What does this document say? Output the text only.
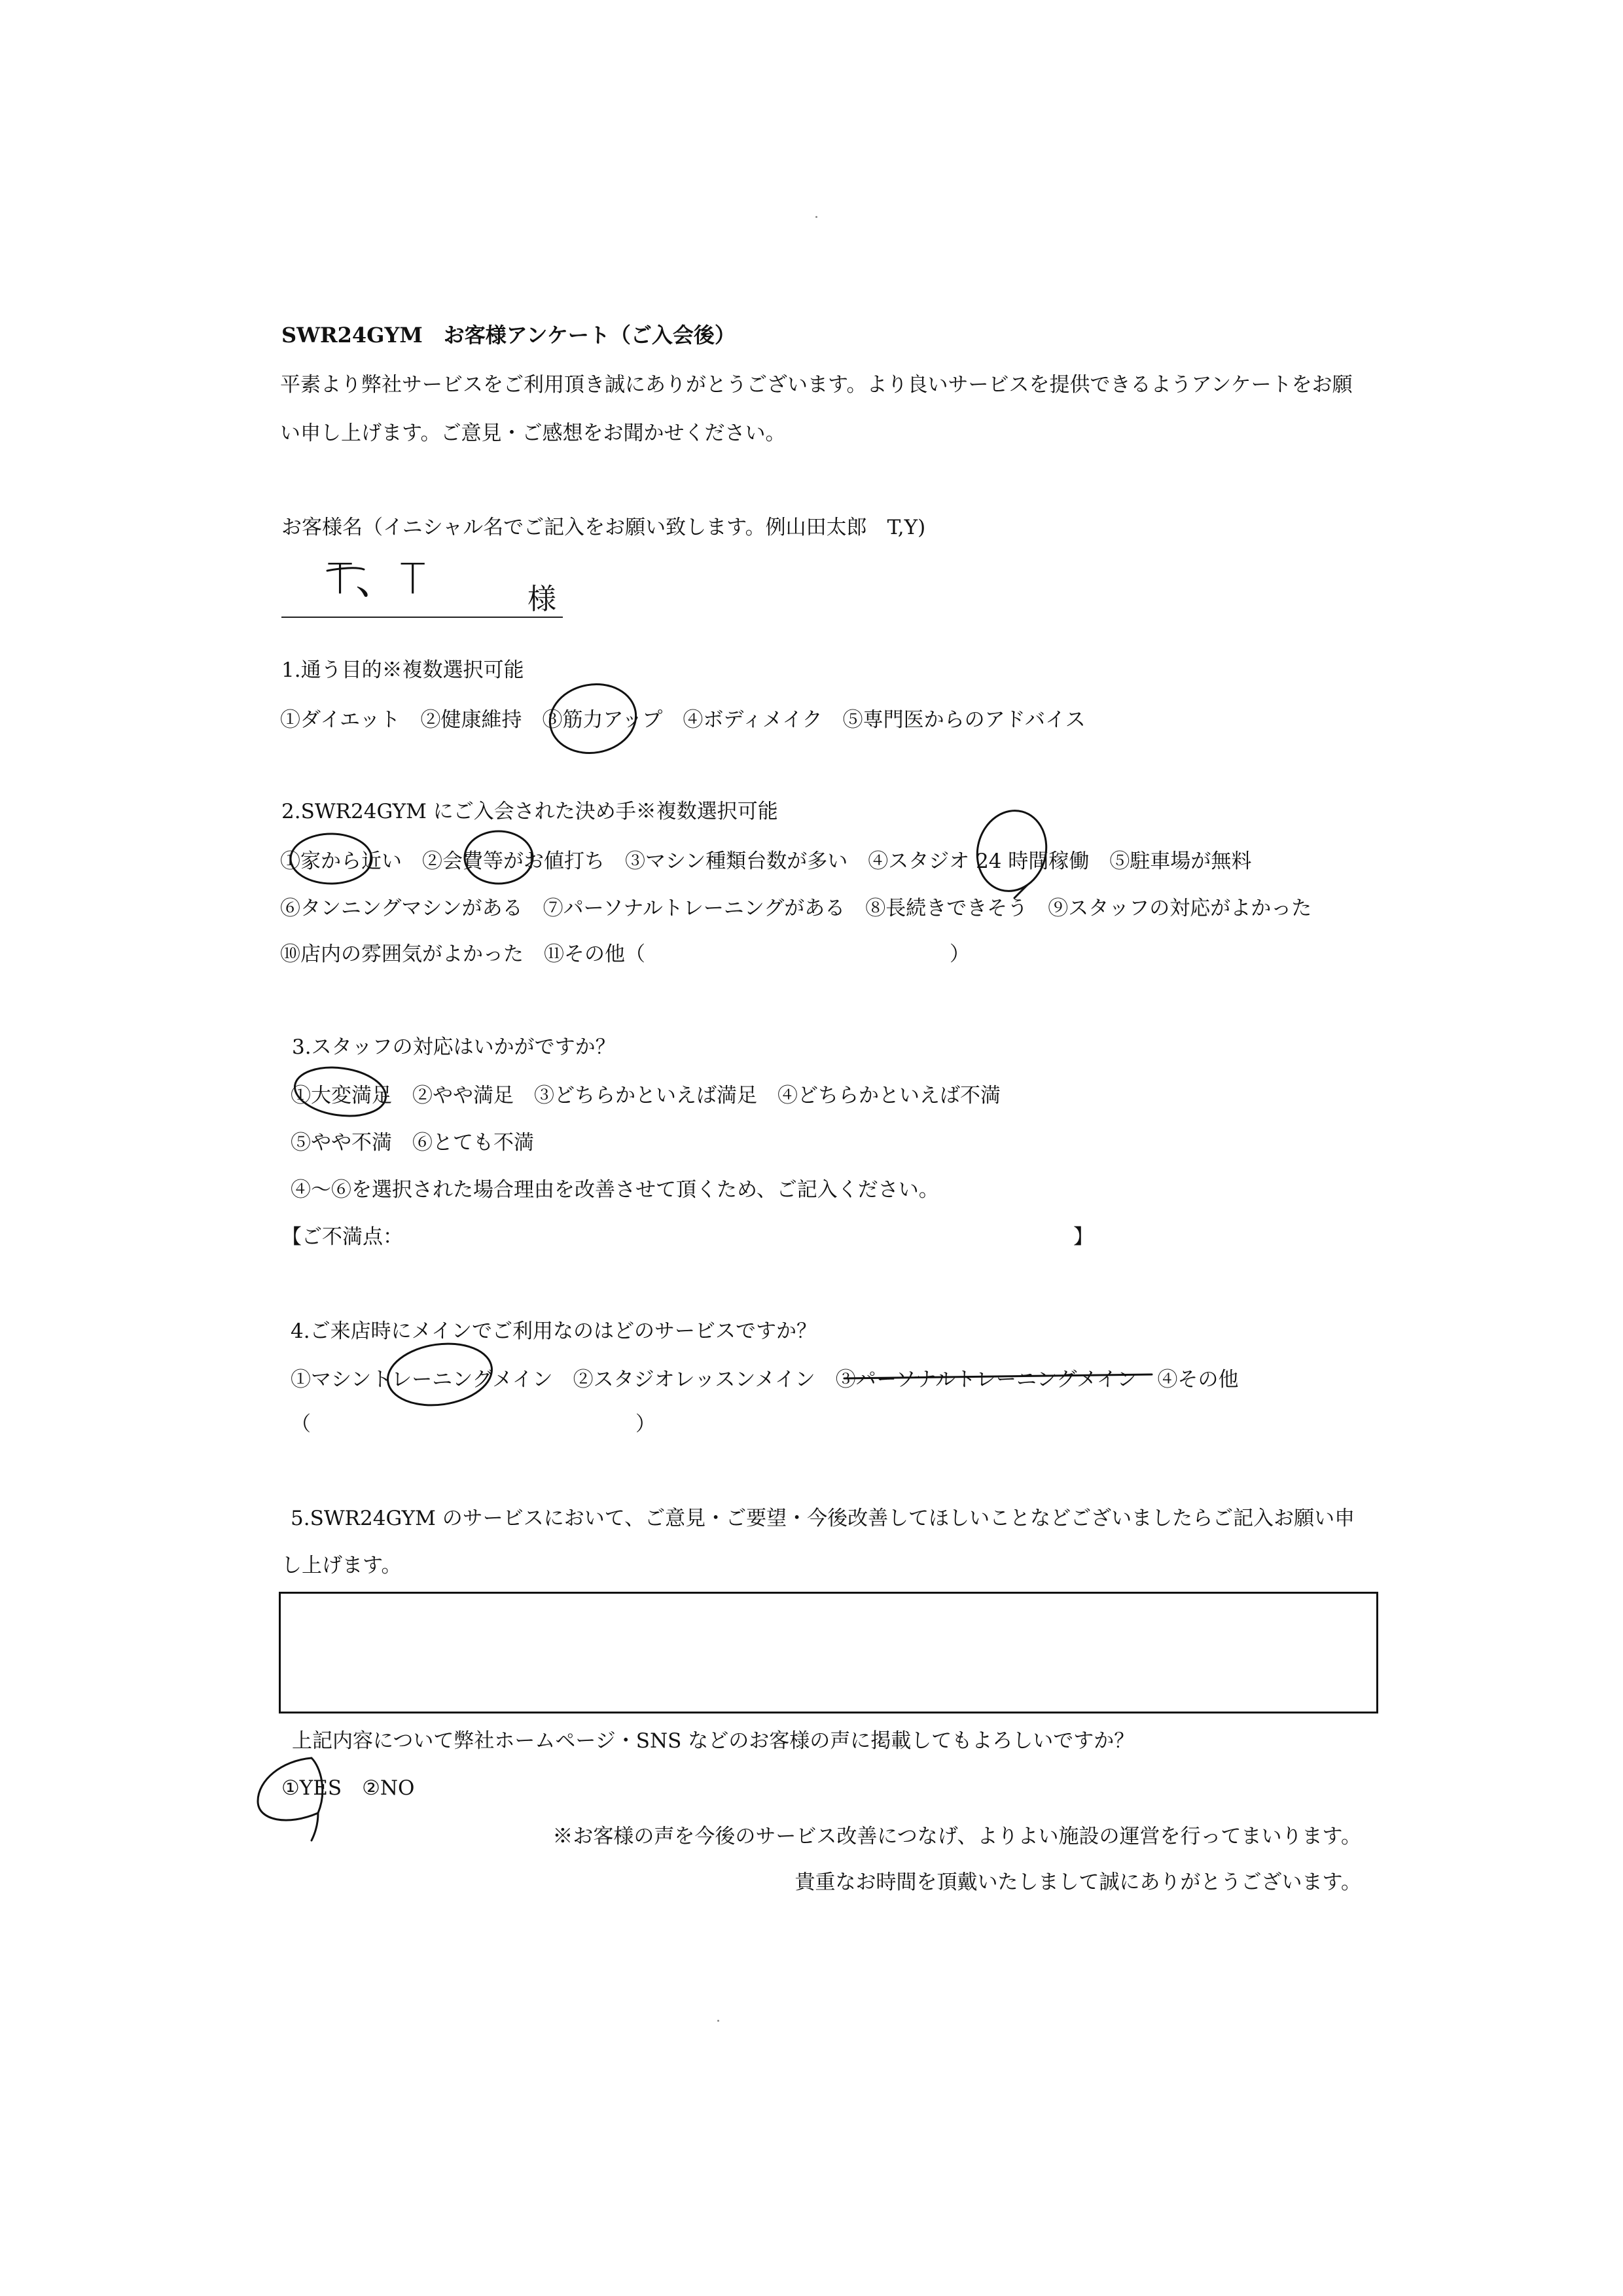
SWR24GYM　お客様アンケート（ご入会後）
平素より弊社サービスをご利用頂き誠にありがとうございます。より良いサービスを提供できるようアンケートをお願
い申し上げます。ご意見・ご感想をお聞かせください。
お客様名（イニシャル名でご記入をお願い致します。例山田太郎　T,Y)
T、T	様
1.通う目的※複数選択可能
①ダイエット　②健康維持　③筋力アップ　④ボディメイク　⑤専門医からのアドバイス
2.SWR24GYM にご入会された決め手※複数選択可能
①家から近い　②会費等がお値打ち　③マシン種類台数が多い　④スタジオ 24 時間稼働　⑤駐車場が無料
⑥タンニングマシンがある　⑦パーソナルトレーニングがある　⑧長続きできそう　⑨スタッフの対応がよかった
⑩店内の雰囲気がよかった　⑪その他（　　　　　　　　　　　　　　　）
3.スタッフの対応はいかがですか？
①大変満足　②やや満足　③どちらかといえば満足　④どちらかといえば不満
⑤やや不満　⑥とても不満
④〜⑥を選択された場合理由を改善させて頂くため、ご記入ください。
【ご不満点：	】
4.ご来店時にメインでご利用なのはどのサービスですか？
①マシントレーニングメイン　②スタジオレッスンメイン　③パーソナルトレーニングメイン　④その他
（　　　　　　　　　　　　　　　　）
5.SWR24GYM のサービスにおいて、ご意見・ご要望・今後改善してほしいことなどございましたらご記入お願い申
し上げます。
上記内容について弊社ホームページ・SNS などのお客様の声に掲載してもよろしいですか？
①YES　②NO
※お客様の声を今後のサービス改善につなげ、よりよい施設の運営を行ってまいります。
貴重なお時間を頂戴いたしまして誠にありがとうございます。
